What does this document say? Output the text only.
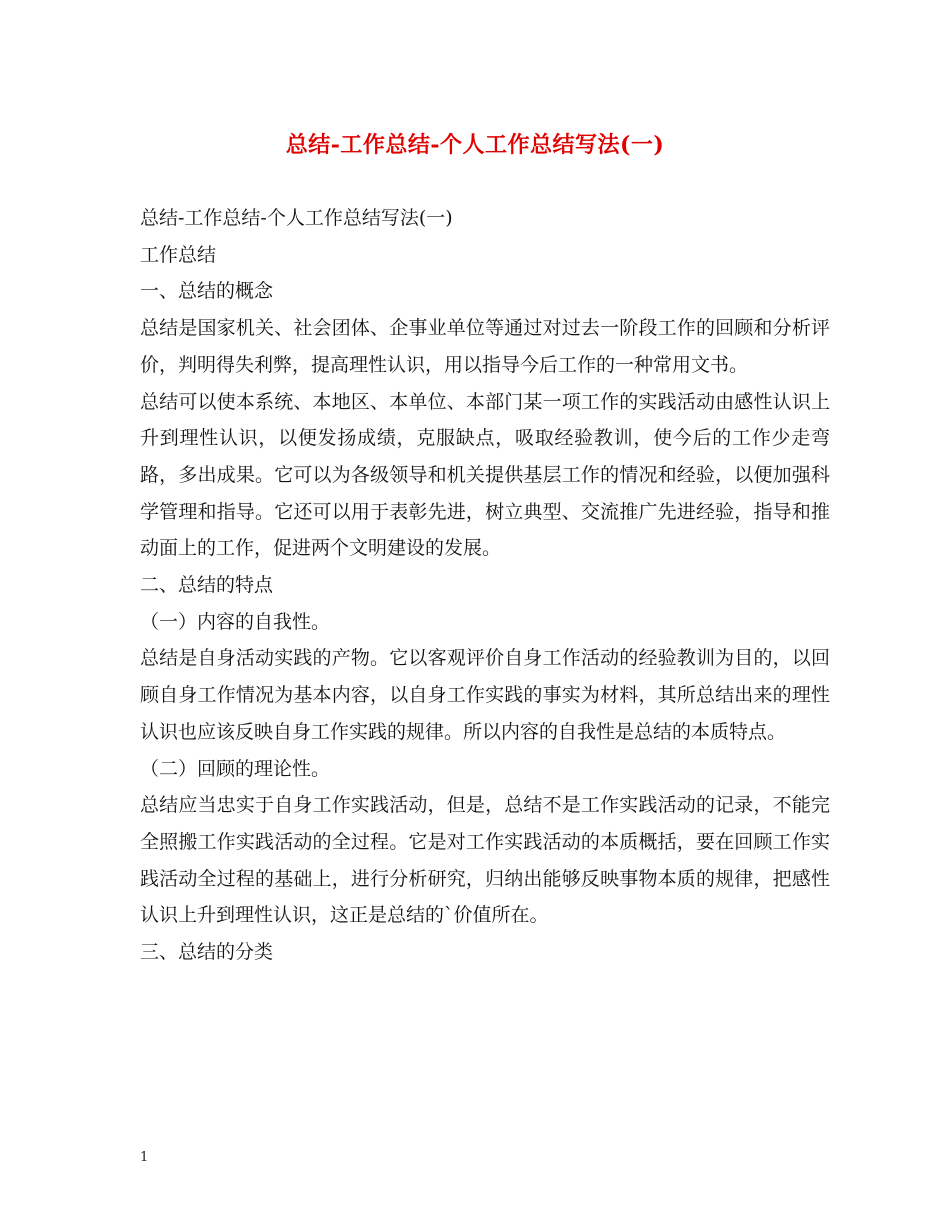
总结-工作总结-个人工作总结写法(一)

总结-工作总结-个人工作总结写法(一)

工作总结

一、总结的概念

总结是国家机关、社会团体、企事业单位等通过对过去一阶段工作的回顾和分析评价，判明得失利弊，提高理性认识，用以指导今后工作的一种常用文书。

总结可以使本系统、本地区、本单位、本部门某一项工作的实践活动由感性认识上升到理性认识，以便发扬成绩，克服缺点，吸取经验教训，使今后的工作少走弯路，多出成果。它可以为各级领导和机关提供基层工作的情况和经验，以便加强科学管理和指导。它还可以用于表彰先进，树立典型、交流推广先进经验，指导和推动面上的工作，促进两个文明建设的发展。

二、总结的特点

（一）内容的自我性。

总结是自身活动实践的产物。它以客观评价自身工作活动的经验教训为目的，以回顾自身工作情况为基本内容，以自身工作实践的事实为材料，其所总结出来的理性认识也应该反映自身工作实践的规律。所以内容的自我性是总结的本质特点。

（二）回顾的理论性。

总结应当忠实于自身工作实践活动，但是，总结不是工作实践活动的记录，不能完全照搬工作实践活动的全过程。它是对工作实践活动的本质概括，要在回顾工作实践活动全过程的基础上，进行分析研究，归纳出能够反映事物本质的规律，把感性认识上升到理性认识，这正是总结的`价值所在。

三、总结的分类

1
